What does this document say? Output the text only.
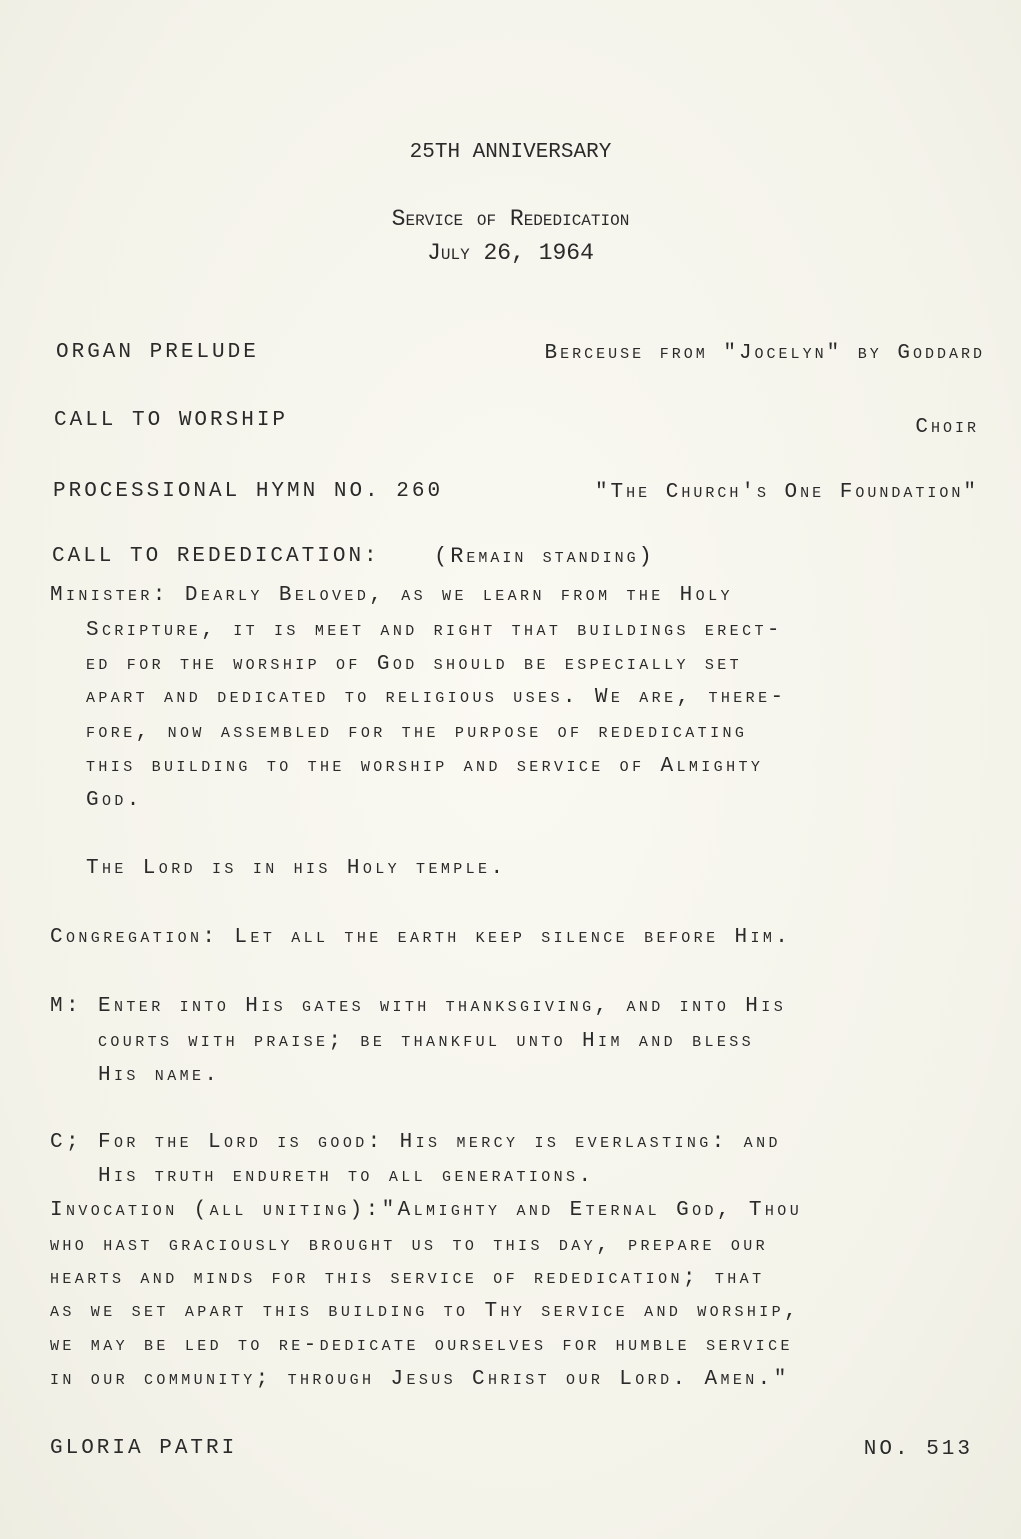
25TH ANNIVERSARY
Service of Rededication
July 26, 1964
ORGAN PRELUDE	Berceuse from "Jocelyn" by Goddard
CALL TO WORSHIP	Choir
PROCESSIONAL HYMN NO. 260	"The Church's One Foundation"
CALL TO REDEDICATION: (Remain standing)
Minister: Dearly Beloved, as we learn from the Holy
Scripture, it is meet and right that buildings erect-
ed for the worship of God should be especially set
apart and dedicated to religious uses. We are, there-
fore, now assembled for the purpose of rededicating
this building to the worship and service of Almighty
God.
The Lord is in his Holy temple.
Congregation: Let all the earth keep silence before Him.
M: Enter into His gates with thanksgiving, and into His
courts with praise; be thankful unto Him and bless
His name.
C; For the Lord is good: His mercy is everlasting: and
His truth endureth to all generations.
Invocation (all uniting):"Almighty and Eternal God, Thou
who hast graciously brought us to this day, prepare our
hearts and minds for this service of rededication; that
as we set apart this building to Thy service and worship,
we may be led to re-dedicate ourselves for humble service
in our community; through Jesus Christ our Lord. Amen."
GLORIA PATRI	NO. 513
